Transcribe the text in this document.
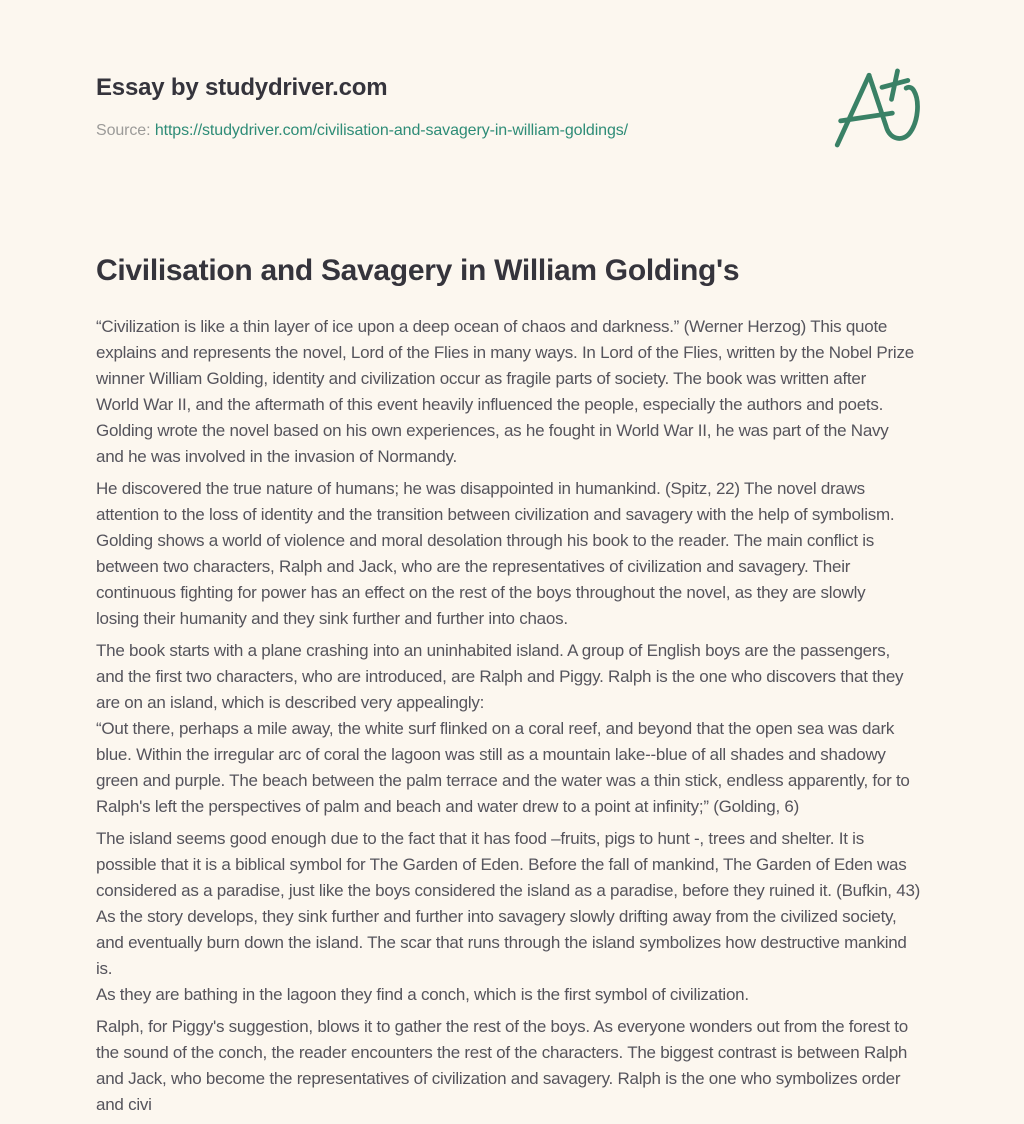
Essay by studydriver.com
Source: https://studydriver.com/civilisation-and-savagery-in-william-goldings/
Civilisation and Savagery in William Golding's
“Civilization is like a thin layer of ice upon a deep ocean of chaos and darkness.” (Werner Herzog) This quote
explains and represents the novel, Lord of the Flies in many ways. In Lord of the Flies, written by the Nobel Prize
winner William Golding, identity and civilization occur as fragile parts of society. The book was written after
World War II, and the aftermath of this event heavily influenced the people, especially the authors and poets.
Golding wrote the novel based on his own experiences, as he fought in World War II, he was part of the Navy
and he was involved in the invasion of Normandy.
He discovered the true nature of humans; he was disappointed in humankind. (Spitz, 22) The novel draws
attention to the loss of identity and the transition between civilization and savagery with the help of symbolism.
Golding shows a world of violence and moral desolation through his book to the reader. The main conflict is
between two characters, Ralph and Jack, who are the representatives of civilization and savagery. Their
continuous fighting for power has an effect on the rest of the boys throughout the novel, as they are slowly
losing their humanity and they sink further and further into chaos.
The book starts with a plane crashing into an uninhabited island. A group of English boys are the passengers,
and the first two characters, who are introduced, are Ralph and Piggy. Ralph is the one who discovers that they
are on an island, which is described very appealingly:
“Out there, perhaps a mile away, the white surf flinked on a coral reef, and beyond that the open sea was dark
blue. Within the irregular arc of coral the lagoon was still as a mountain lake--blue of all shades and shadowy
green and purple. The beach between the palm terrace and the water was a thin stick, endless apparently, for to
Ralph's left the perspectives of palm and beach and water drew to a point at infinity;” (Golding, 6)
The island seems good enough due to the fact that it has food –fruits, pigs to hunt -, trees and shelter. It is
possible that it is a biblical symbol for The Garden of Eden. Before the fall of mankind, The Garden of Eden was
considered as a paradise, just like the boys considered the island as a paradise, before they ruined it. (Bufkin, 43)
As the story develops, they sink further and further into savagery slowly drifting away from the civilized society,
and eventually burn down the island. The scar that runs through the island symbolizes how destructive mankind
is.
As they are bathing in the lagoon they find a conch, which is the first symbol of civilization.
Ralph, for Piggy's suggestion, blows it to gather the rest of the boys. As everyone wonders out from the forest to
the sound of the conch, the reader encounters the rest of the characters. The biggest contrast is between Ralph
and Jack, who become the representatives of civilization and savagery. Ralph is the one who symbolizes order
and civi
